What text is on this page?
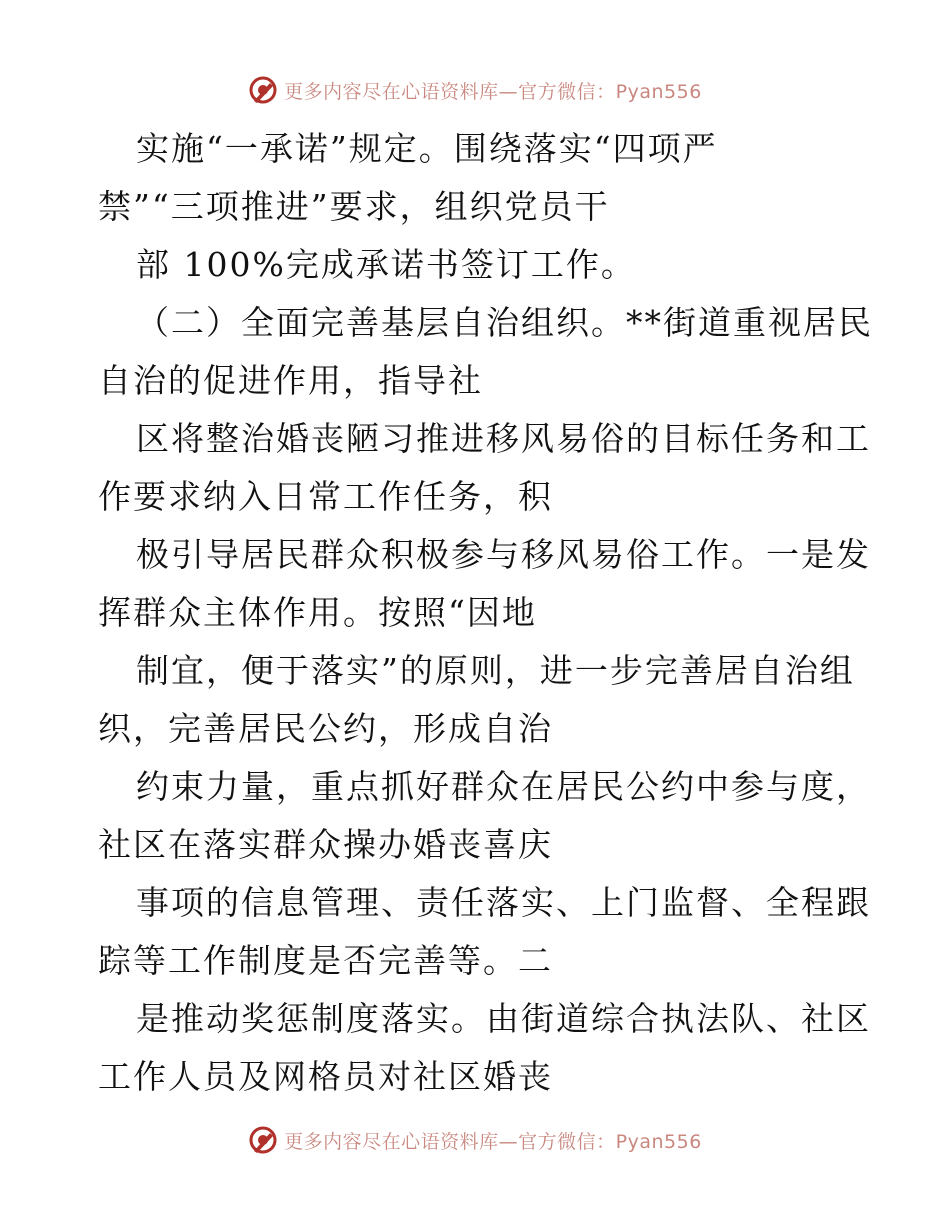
更多内容尽在心语资料库—官方微信：Pyan556
实施“一承诺”规定。围绕落实“四项严
禁”“三项推进”要求，组织党员干
部 100%完成承诺书签订工作。
（二）全面完善基层自治组织。**街道重视居民
自治的促进作用，指导社
区将整治婚丧陋习推进移风易俗的目标任务和工
作要求纳入日常工作任务，积
极引导居民群众积极参与移风易俗工作。一是发
挥群众主体作用。按照“因地
制宜，便于落实”的原则，进一步完善居自治组
织，完善居民公约，形成自治
约束力量，重点抓好群众在居民公约中参与度，
社区在落实群众操办婚丧喜庆
事项的信息管理、责任落实、上门监督、全程跟
踪等工作制度是否完善等。二
是推动奖惩制度落实。由街道综合执法队、社区
工作人员及网格员对社区婚丧
更多内容尽在心语资料库—官方微信：Pyan556
